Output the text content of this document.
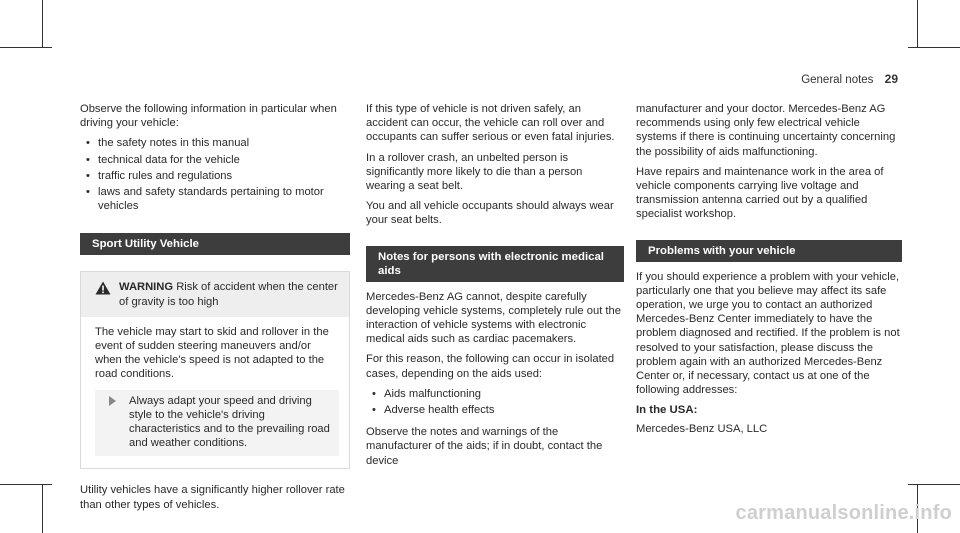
General notes 29

Observe the following information in particular when driving your vehicle:

• the safety notes in this manual
• technical data for the vehicle
• traffic rules and regulations
• laws and safety standards pertaining to motor vehicles
Sport Utility Vehicle
WARNING Risk of accident when the center of gravity is too high

The vehicle may start to skid and rollover in the event of sudden steering maneuvers and/or when the vehicle's speed is not adapted to the road conditions.

Always adapt your speed and driving style to the vehicle's driving characteristics and to the prevailing road and weather conditions.

Utility vehicles have a significantly higher rollover rate than other types of vehicles.

If this type of vehicle is not driven safely, an accident can occur, the vehicle can roll over and occupants can suffer serious or even fatal injuries.

In a rollover crash, an unbelted person is significantly more likely to die than a person wearing a seat belt.

You and all vehicle occupants should always wear your seat belts.

Notes for persons with electronic medical aids

Mercedes-Benz AG cannot, despite carefully developing vehicle systems, completely rule out the interaction of vehicle systems with electronic medical aids such as cardiac pacemakers.

For this reason, the following can occur in isolated cases, depending on the aids used:

• Aids malfunctioning
• Adverse health effects

Observe the notes and warnings of the manufacturer of the aids; if in doubt, contact the device

manufacturer and your doctor. Mercedes-Benz AG recommends using only few electrical vehicle systems if there is continuing uncertainty concerning the possibility of aids malfunctioning.

Have repairs and maintenance work in the area of vehicle components carrying live voltage and transmission antenna carried out by a qualified specialist workshop.

Problems with your vehicle

If you should experience a problem with your vehicle, particularly one that you believe may affect its safe operation, we urge you to contact an authorized Mercedes-Benz Center immediately to have the problem diagnosed and rectified. If the problem is not resolved to your satisfaction, please discuss the problem again with an authorized Mercedes-Benz Center or, if necessary, contact us at one of the following addresses:

In the USA:

Mercedes-Benz USA, LLC

carmanualsonline.info
